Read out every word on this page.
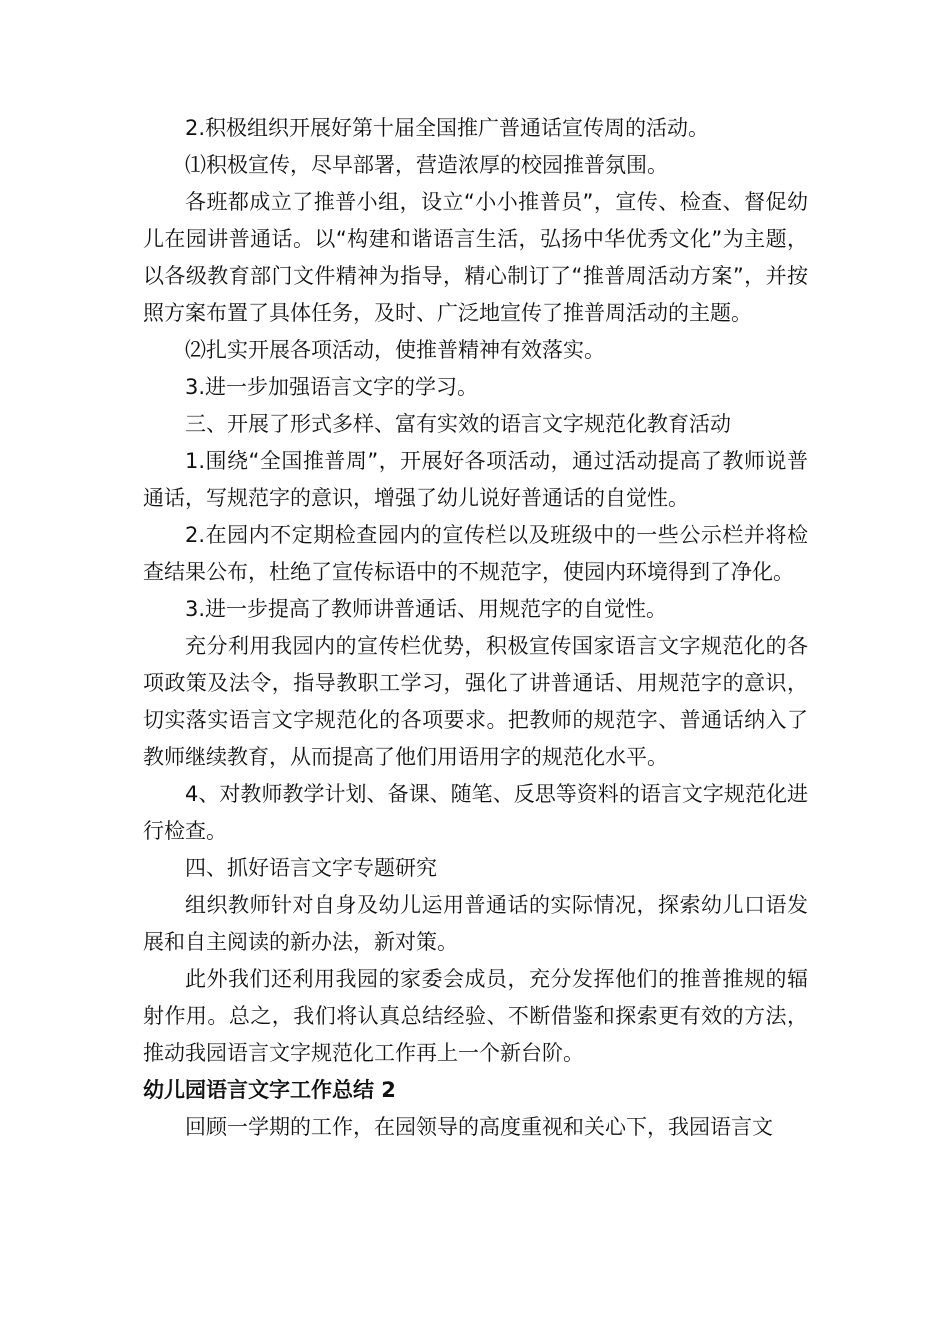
2.积极组织开展好第十届全国推广普通话宣传周的活动。

⑴积极宣传，尽早部署，营造浓厚的校园推普氛围。

各班都成立了推普小组，设立“小小推普员”，宣传、检查、督促幼儿在园讲普通话。以“构建和谐语言生活，弘扬中华优秀文化”为主题，以各级教育部门文件精神为指导，精心制订了“推普周活动方案”，并按照方案布置了具体任务，及时、广泛地宣传了推普周活动的主题。

⑵扎实开展各项活动，使推普精神有效落实。

3.进一步加强语言文字的学习。

三、开展了形式多样、富有实效的语言文字规范化教育活动

1.围绕“全国推普周”，开展好各项活动，通过活动提高了教师说普通话，写规范字的意识，增强了幼儿说好普通话的自觉性。

2.在园内不定期检查园内的宣传栏以及班级中的一些公示栏并将检查结果公布，杜绝了宣传标语中的不规范字，使园内环境得到了净化。

3.进一步提高了教师讲普通话、用规范字的自觉性。

充分利用我园内的宣传栏优势，积极宣传国家语言文字规范化的各项政策及法令，指导教职工学习，强化了讲普通话、用规范字的意识，切实落实语言文字规范化的各项要求。把教师的规范字、普通话纳入了教师继续教育，从而提高了他们用语用字的规范化水平。

4、对教师教学计划、备课、随笔、反思等资料的语言文字规范化进行检查。

四、抓好语言文字专题研究

组织教师针对自身及幼儿运用普通话的实际情况，探索幼儿口语发展和自主阅读的新办法，新对策。

此外我们还利用我园的家委会成员，充分发挥他们的推普推规的辐射作用。总之，我们将认真总结经验、不断借鉴和探索更有效的方法，推动我园语言文字规范化工作再上一个新台阶。

幼儿园语言文字工作总结 2

回顾一学期的工作，在园领导的高度重视和关心下，我园语言文
